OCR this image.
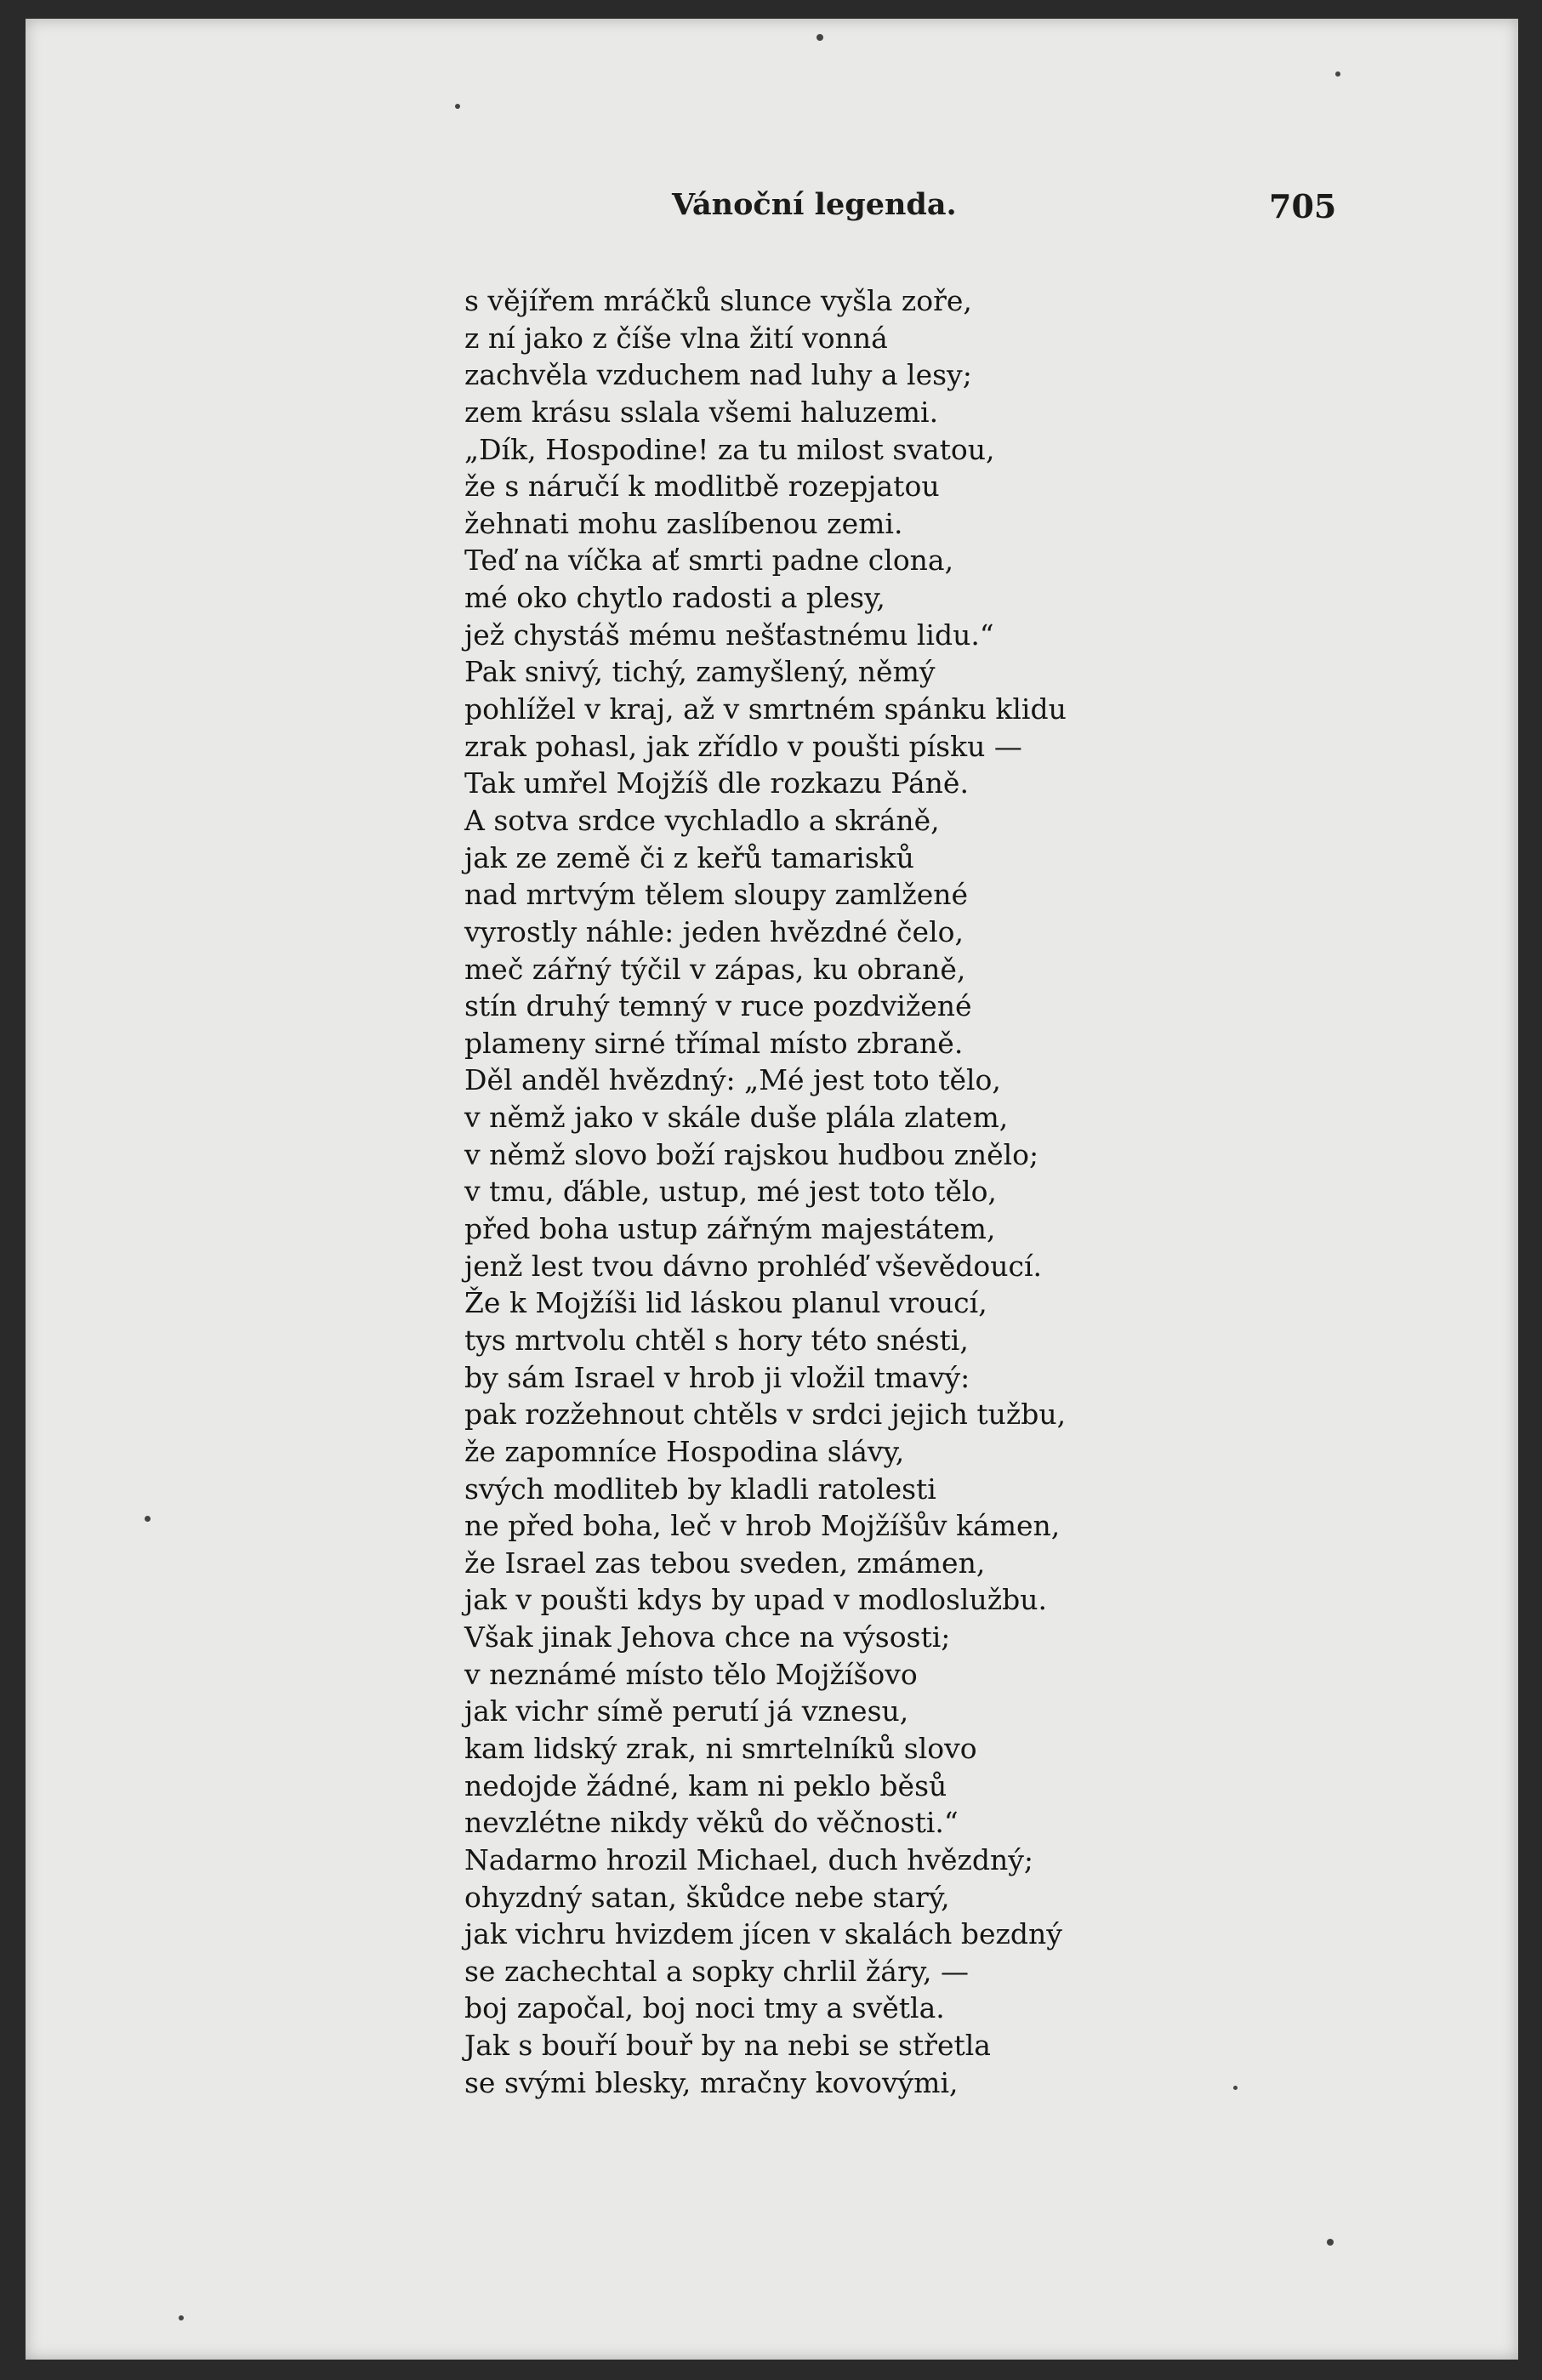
Vánoční legenda.	705
s vějířem mráčků slunce vyšla zoře,
z ní jako z číše vlna žití vonná
zachvěla vzduchem nad luhy a lesy;
zem krásu sslala všemi haluzemi.
„Dík, Hospodine! za tu milost svatou,
že s náručí k modlitbě rozepjatou
žehnati mohu zaslíbenou zemi.
Teď na víčka ať smrti padne clona,
mé oko chytlo radosti a plesy,
jež chystáš mému nešťastnému lidu.“
Pak snivý, tichý, zamyšlený, němý
pohlížel v kraj, až v smrtném spánku klidu
zrak pohasl, jak zřídlo v poušti písku —
Tak umřel Mojžíš dle rozkazu Páně.
A sotva srdce vychladlo a skráně,
jak ze země či z keřů tamarisků
nad mrtvým tělem sloupy zamlžené
vyrostly náhle: jeden hvězdné čelo,
meč zářný týčil v zápas, ku obraně,
stín druhý temný v ruce pozdvižené
plameny sirné třímal místo zbraně.
Děl anděl hvězdný: „Mé jest toto tělo,
v němž jako v skále duše plála zlatem,
v němž slovo boží rajskou hudbou znělo;
v tmu, ďáble, ustup, mé jest toto tělo,
před boha ustup zářným majestátem,
jenž lest tvou dávno prohléď vševědoucí.
Že k Mojžíši lid láskou planul vroucí,
tys mrtvolu chtěl s hory této snésti,
by sám Israel v hrob ji vložil tmavý:
pak rozžehnout chtěls v srdci jejich tužbu,
že zapomníce Hospodina slávy,
svých modliteb by kladli ratolesti
ne před boha, leč v hrob Mojžíšův kámen,
že Israel zas tebou sveden, zmámen,
jak v poušti kdys by upad v modloslužbu.
Však jinak Jehova chce na výsosti;
v neznámé místo tělo Mojžíšovo
jak vichr símě perutí já vznesu,
kam lidský zrak, ni smrtelníků slovo
nedojde žádné, kam ni peklo běsů
nevzlétne nikdy věků do věčnosti.“
Nadarmo hrozil Michael, duch hvězdný;
ohyzdný satan, škůdce nebe starý,
jak vichru hvizdem jícen v skalách bezdný
se zachechtal a sopky chrlil žáry, —
boj započal, boj noci tmy a světla.
Jak s bouří bouř by na nebi se střetla
se svými blesky, mračny kovovými,
